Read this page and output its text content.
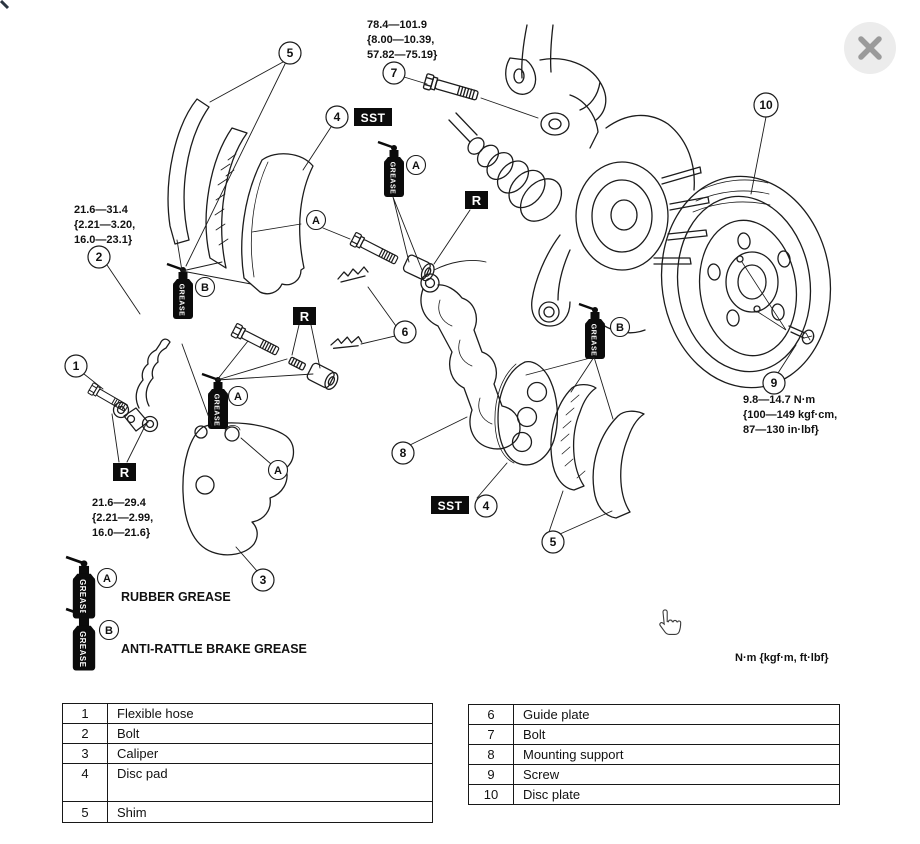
5
4
7
2
10
1
6
8
3
9
4
5
A
A
A
A
B
B
SST
SST
R
R
R
78.4—101.9
{8.00—10.39,
57.82—75.19}
21.6—31.4
{2.21—3.20,
16.0—23.1}
21.6—29.4
{2.21—2.99,
16.0—21.6}
9.8—14.7 N·m
{100—149 kgf·cm,
87—130 in·lbf}
A
RUBBER GREASE
B
ANTI-RATTLE BRAKE GREASE
N·m {kgf·m, ft·lbf}
1	Flexible hose
2	Bolt
3	Caliper
4	Disc pad
5	Shim
6	Guide plate
7	Bolt
8	Mounting support
9	Screw
10	Disc plate
